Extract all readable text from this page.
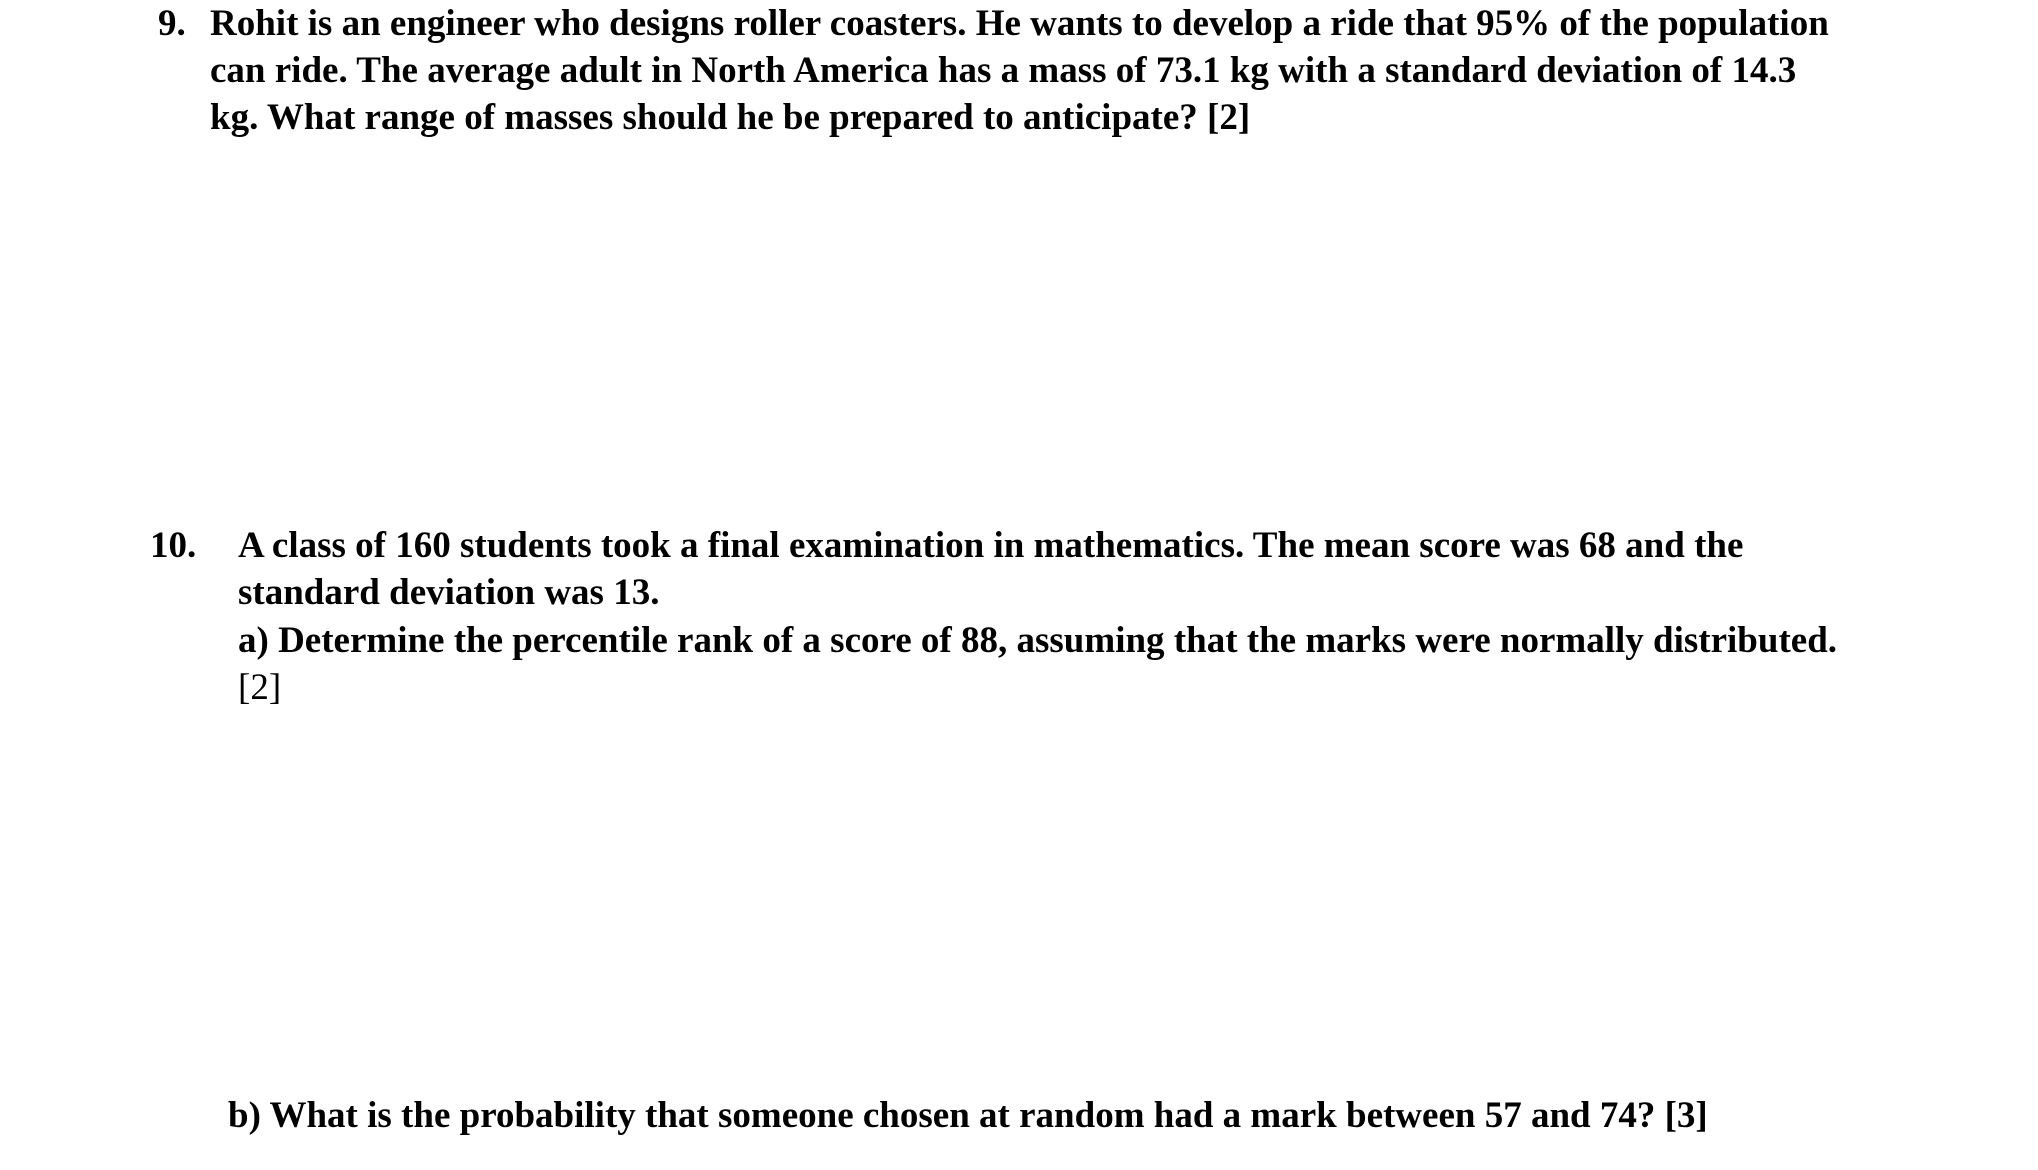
9. Rohit is an engineer who designs roller coasters. He wants to develop a ride that 95% of the population
can ride. The average adult in North America has a mass of 73.1 kg with a standard deviation of 14.3
kg. What range of masses should he be prepared to anticipate? [2]
10. A class of 160 students took a final examination in mathematics. The mean score was 68 and the
standard deviation was 13.
a) Determine the percentile rank of a score of 88, assuming that the marks were normally distributed.
[2]
b) What is the probability that someone chosen at random had a mark between 57 and 74? [3]
